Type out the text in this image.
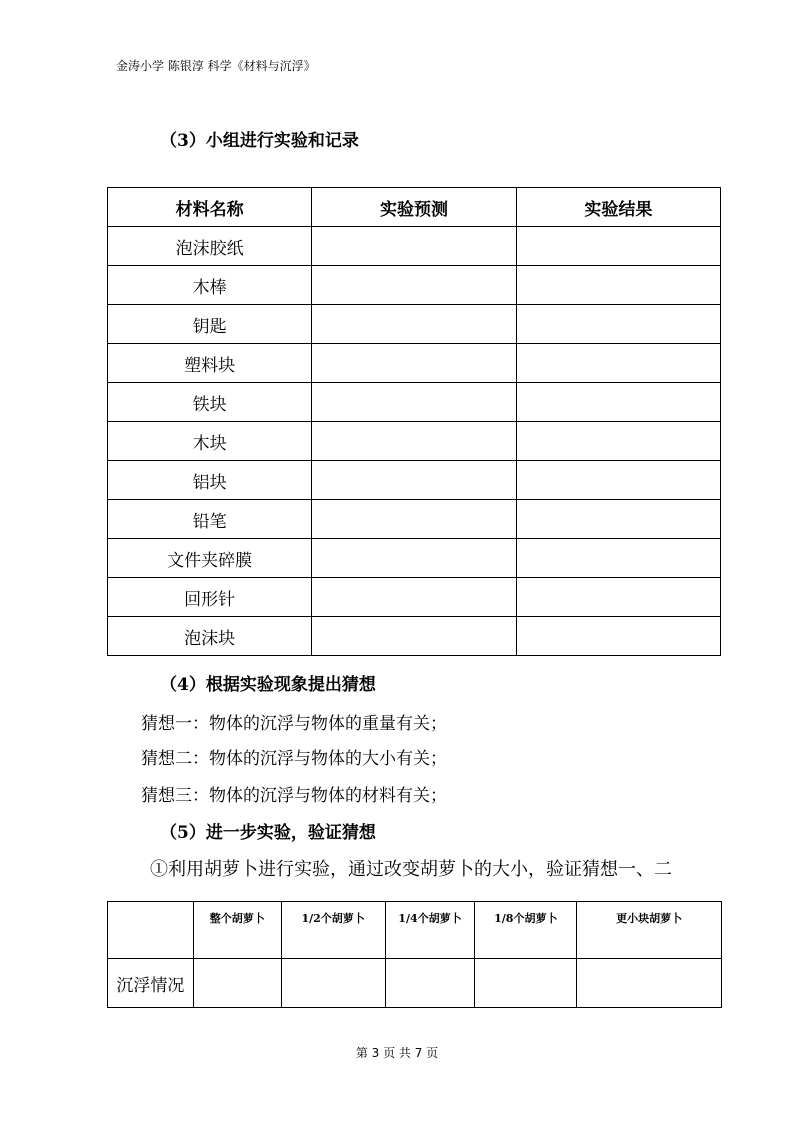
金涛小学 陈银淳 科学《材料与沉浮》
（3）小组进行实验和记录
材料名称	实验预测	实验结果
泡沫胶纸		
木棒		
钥匙		
塑料块		
铁块		
木块		
铝块		
铅笔		
文件夹碎膜		
回形针		
泡沫块		
（4）根据实验现象提出猜想
猜想一：物体的沉浮与物体的重量有关；
猜想二：物体的沉浮与物体的大小有关；
猜想三：物体的沉浮与物体的材料有关；
（5）进一步实验，验证猜想
①利用胡萝卜进行实验，通过改变胡萝卜的大小，验证猜想一、二
	整个胡萝卜	1/2个胡萝卜	1/4个胡萝卜	1/8个胡萝卜	更小块胡萝卜
沉浮情况					
第 3 页 共 7 页
